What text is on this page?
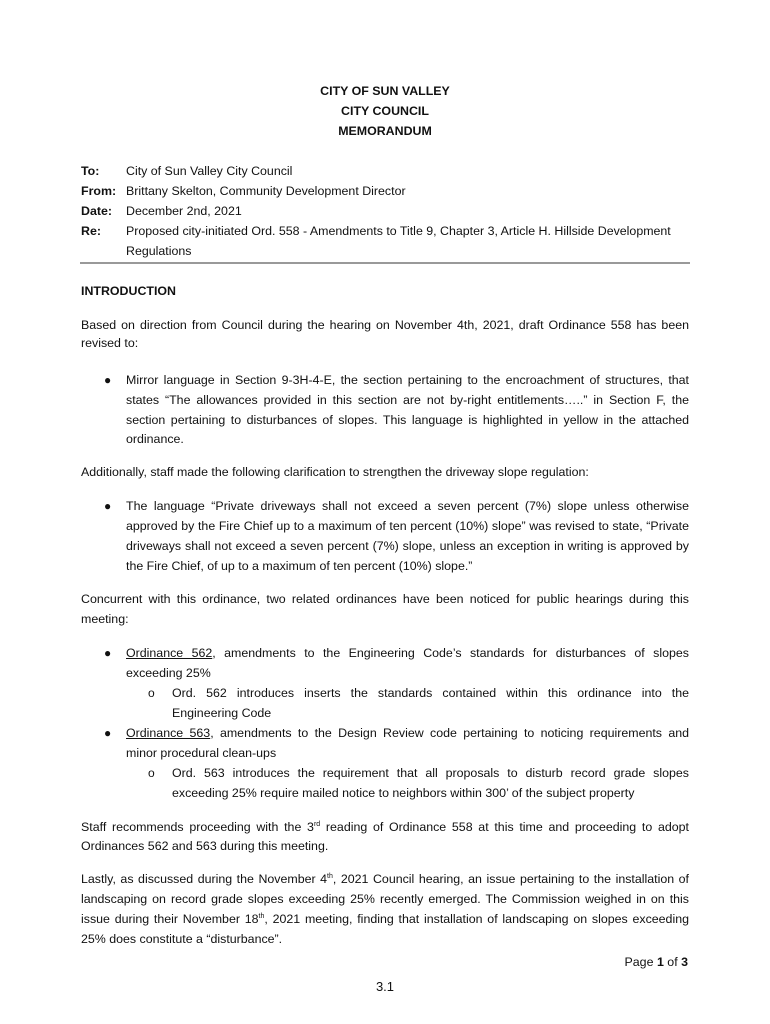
CITY OF SUN VALLEY
CITY COUNCIL
MEMORANDUM
To: City of Sun Valley City Council
From: Brittany Skelton, Community Development Director
Date: December 2nd, 2021
Re: Proposed city-initiated Ord. 558 - Amendments to Title 9, Chapter 3, Article H. Hillside Development
Regulations
INTRODUCTION
Based on direction from Council during the hearing on November 4th, 2021, draft Ordinance 558 has been
revised to:
● Mirror language in Section 9-3H-4-E, the section pertaining to the encroachment of structures, that
states “The allowances provided in this section are not by-right entitlements…..” in Section F, the
section pertaining to disturbances of slopes. This language is highlighted in yellow in the attached
ordinance.
Additionally, staff made the following clarification to strengthen the driveway slope regulation:
● The language “Private driveways shall not exceed a seven percent (7%) slope unless otherwise
approved by the Fire Chief up to a maximum of ten percent (10%) slope” was revised to state, “Private
driveways shall not exceed a seven percent (7%) slope, unless an exception in writing is approved by
the Fire Chief, of up to a maximum of ten percent (10%) slope.”
Concurrent with this ordinance, two related ordinances have been noticed for public hearings during this
meeting:
● Ordinance 562, amendments to the Engineering Code’s standards for disturbances of slopes
exceeding 25%
o Ord. 562 introduces inserts the standards contained within this ordinance into the
Engineering Code
● Ordinance 563, amendments to the Design Review code pertaining to noticing requirements and
minor procedural clean-ups
o Ord. 563 introduces the requirement that all proposals to disturb record grade slopes
exceeding 25% require mailed notice to neighbors within 300’ of the subject property
Staff recommends proceeding with the 3rd reading of Ordinance 558 at this time and proceeding to adopt
Ordinances 562 and 563 during this meeting.
Lastly, as discussed during the November 4th, 2021 Council hearing, an issue pertaining to the installation of
landscaping on record grade slopes exceeding 25% recently emerged. The Commission weighed in on this
issue during their November 18th, 2021 meeting, finding that installation of landscaping on slopes exceeding
25% does constitute a “disturbance”.
Page 1 of 3
3.1
